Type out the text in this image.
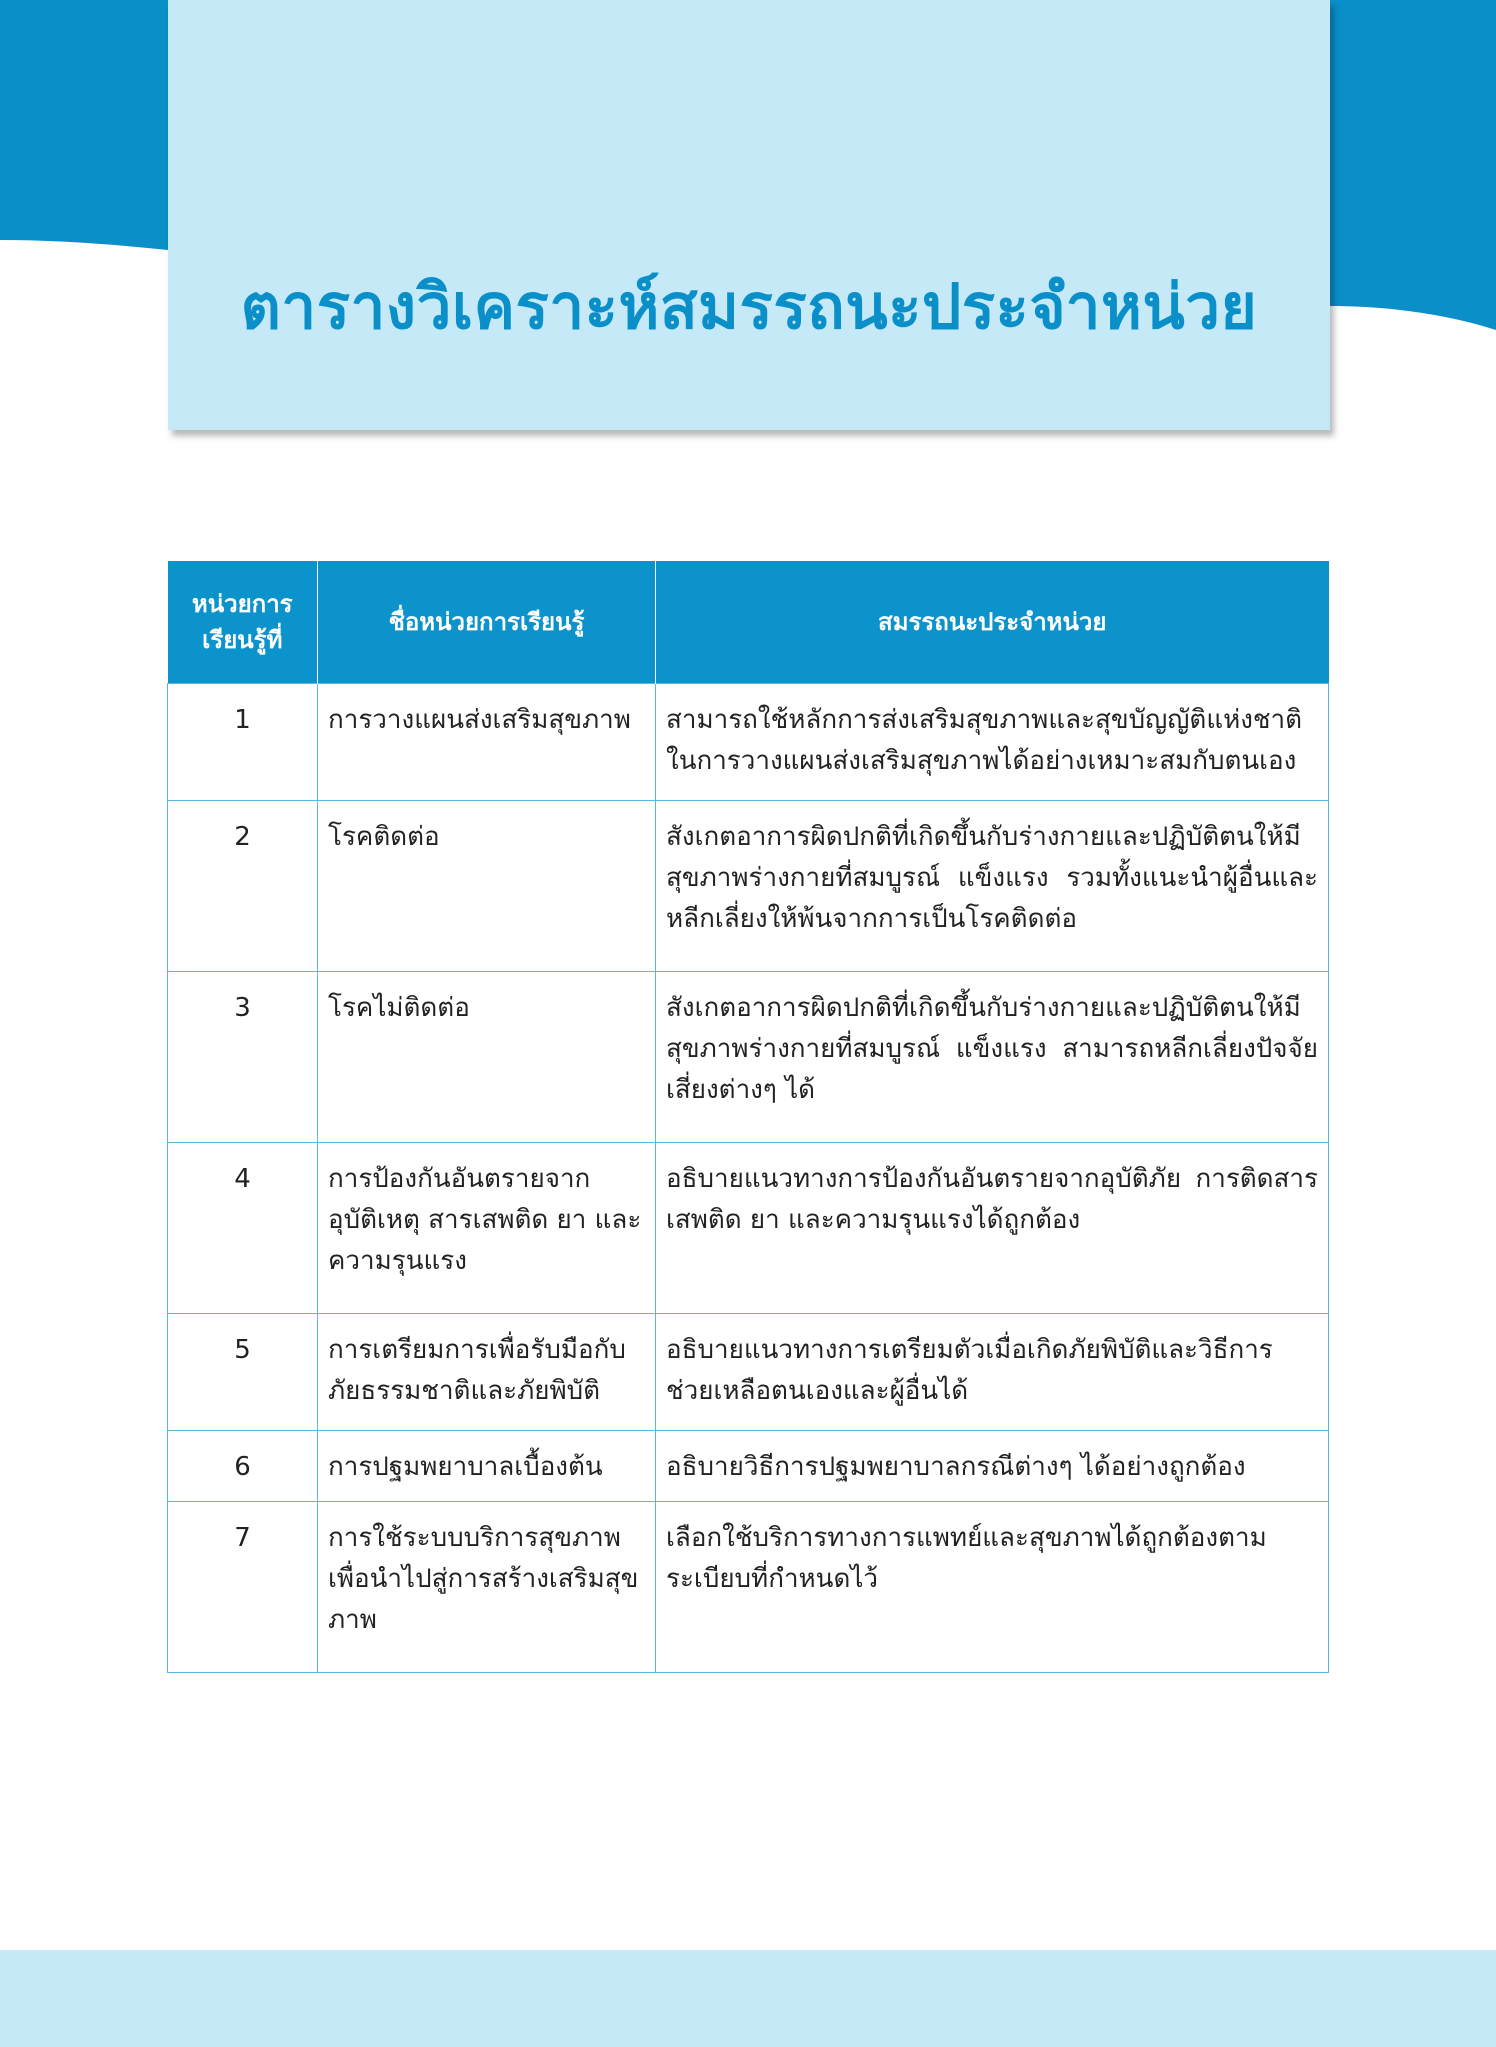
ตารางวิเคราะห์สมรรถนะประจำหน่วย
หน่วยการเรียนรู้ที่	ชื่อหน่วยการเรียนรู้	สมรรถนะประจำหน่วย
1	การวางแผนส่งเสริมสุขภาพ	สามารถใช้หลักการส่งเสริมสุขภาพและสุขบัญญัติแห่งชาติในการวางแผนส่งเสริมสุขภาพได้อย่างเหมาะสมกับตนเอง
2	โรคติดต่อ	สังเกตอาการผิดปกติที่เกิดขึ้นกับร่างกายและปฏิบัติตนให้มีสุขภาพร่างกายที่สมบูรณ์ แข็งแรง รวมทั้งแนะนำผู้อื่นและหลีกเลี่ยงให้พ้นจากการเป็นโรคติดต่อ
3	โรคไม่ติดต่อ	สังเกตอาการผิดปกติที่เกิดขึ้นกับร่างกายและปฏิบัติตนให้มีสุขภาพร่างกายที่สมบูรณ์ แข็งแรง สามารถหลีกเลี่ยงปัจจัยเสี่ยงต่างๆ ได้
4	การป้องกันอันตรายจากอุบัติเหตุ สารเสพติด ยา และความรุนแรง	อธิบายแนวทางการป้องกันอันตรายจากอุบัติภัย การติดสารเสพติด ยา และความรุนแรงได้ถูกต้อง
5	การเตรียมการเพื่อรับมือกับภัยธรรมชาติและภัยพิบัติ	อธิบายแนวทางการเตรียมตัวเมื่อเกิดภัยพิบัติและวิธีการช่วยเหลือตนเองและผู้อื่นได้
6	การปฐมพยาบาลเบื้องต้น	อธิบายวิธีการปฐมพยาบาลกรณีต่างๆ ได้อย่างถูกต้อง
7	การใช้ระบบบริการสุขภาพเพื่อนำไปสู่การสร้างเสริมสุขภาพ	เลือกใช้บริการทางการแพทย์และสุขภาพได้ถูกต้องตามระเบียบที่กำหนดไว้
